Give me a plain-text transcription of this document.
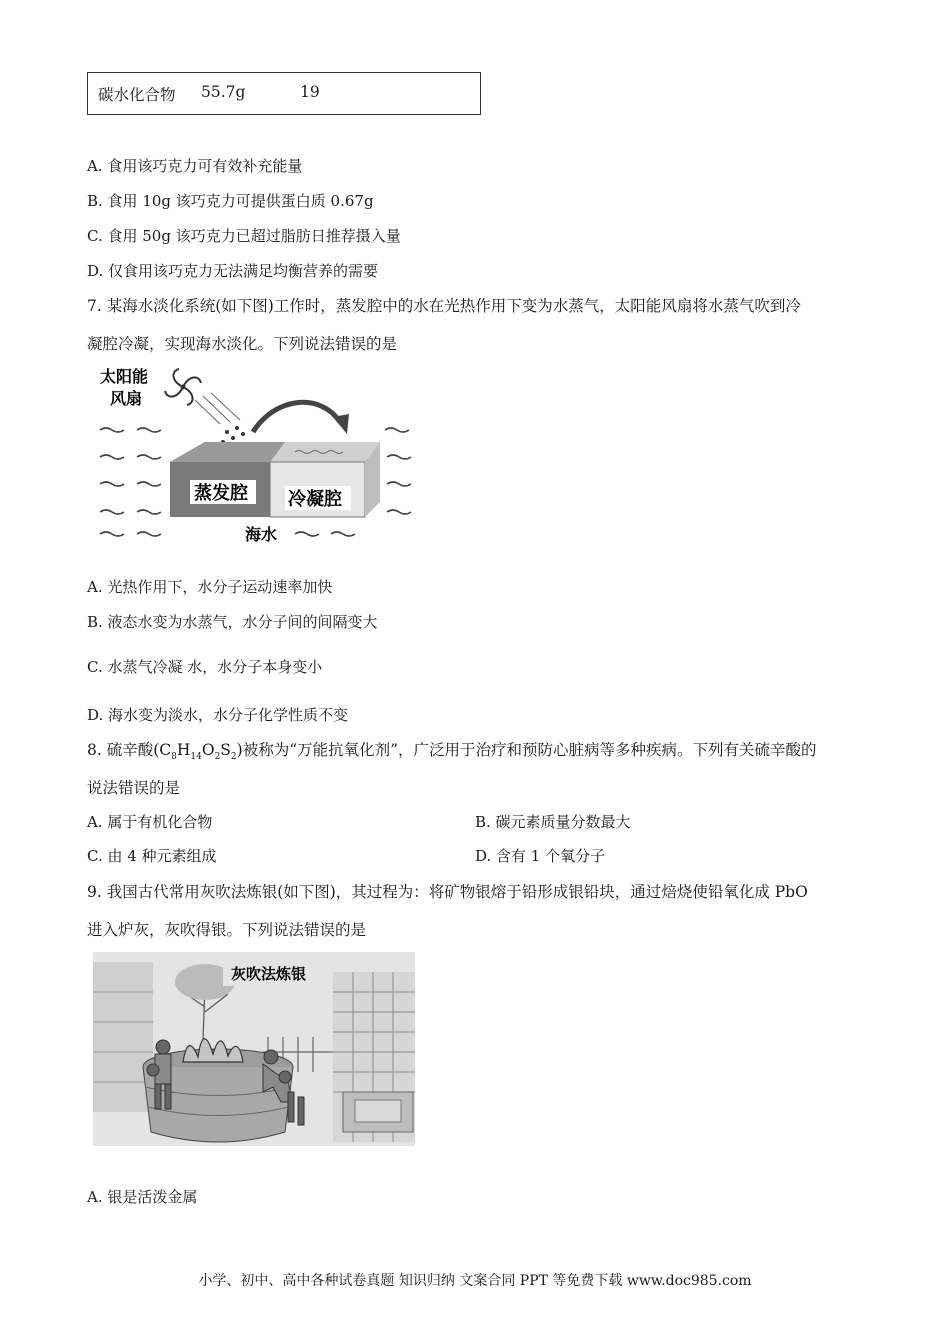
碳水化合物 55.7g	19
A. 食用该巧克力可有效补充能量
B. 食用 10g 该巧克力可提供蛋白质 0.67g
C. 食用 50g 该巧克力已超过脂肪日推荐摄入量
D. 仅食用该巧克力无法满足均衡营养的需要
7. 某海水淡化系统(如下图)工作时，蒸发腔中的水在光热作用下变为水蒸气，太阳能风扇将水蒸气吹到冷
凝腔冷凝，实现海水淡化。下列说法错误的是
太阳能
风扇
蒸发腔 冷凝腔
海水
A. 光热作用下，水分子运动速率加快
B. 液态水变为水蒸气，水分子间的间隔变大
C. 水蒸气冷凝 水，水分子本身变小
D. 海水变为淡水，水分子化学性质不变
8. 硫辛酸$(C_8H_{14}O_2S_2)$被称为“万能抗氧化剂”，广泛用于治疗和预防心脏病等多种疾病。下列有关硫辛酸的
说法错误的是
A. 属于有机化合物	B. 碳元素质量分数最大
C. 由 4 种元素组成	D. 含有 1 个氧分子
9. 我国古代常用灰吹法炼银(如下图)，其过程为：将矿物银熔于铅形成银铅块，通过焙烧使铅氧化成 PbO
进入炉灰，灰吹得银。下列说法错误的是
灰吹法炼银
A. 银是活泼金属
小学、初中、高中各种试卷真题 知识归纳 文案合同 PPT 等免费下载 www.doc985.com
